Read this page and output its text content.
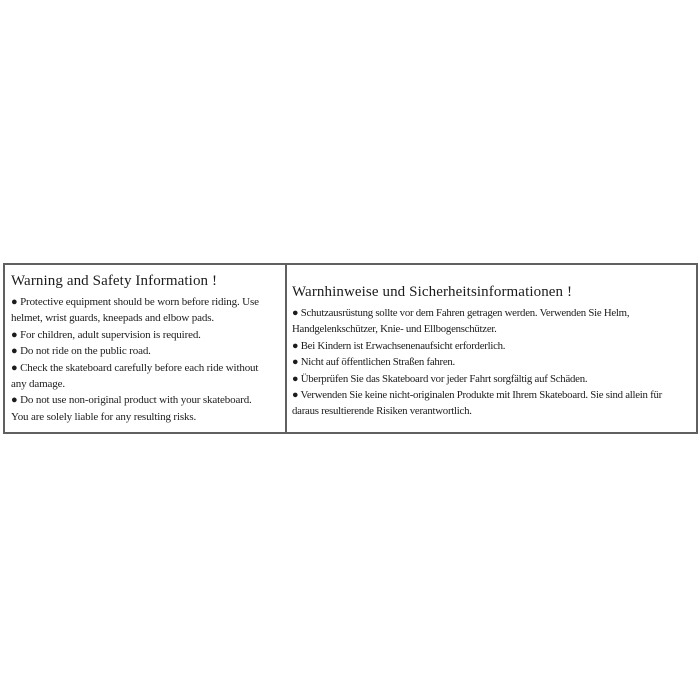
Warning and Safety Information !
● Protective equipment should be worn before riding. Use
helmet, wrist guards, kneepads and elbow pads.
● For children, adult supervision is required.
● Do not ride on the public road.
● Check the skateboard carefully before each ride without
any damage.
● Do not use non-original product with your skateboard.
You are solely liable for any resulting risks.
Warnhinweise und Sicherheitsinformationen !
● Schutzausrüstung sollte vor dem Fahren getragen werden. Verwenden Sie Helm,
Handgelenkschützer, Knie- und Ellbogenschützer.
● Bei Kindern ist Erwachsenenaufsicht erforderlich.
● Nicht auf öffentlichen Straßen fahren.
● Überprüfen Sie das Skateboard vor jeder Fahrt sorgfältig auf Schäden.
● Verwenden Sie keine nicht-originalen Produkte mit Ihrem Skateboard. Sie sind allein für
daraus resultierende Risiken verantwortlich.
